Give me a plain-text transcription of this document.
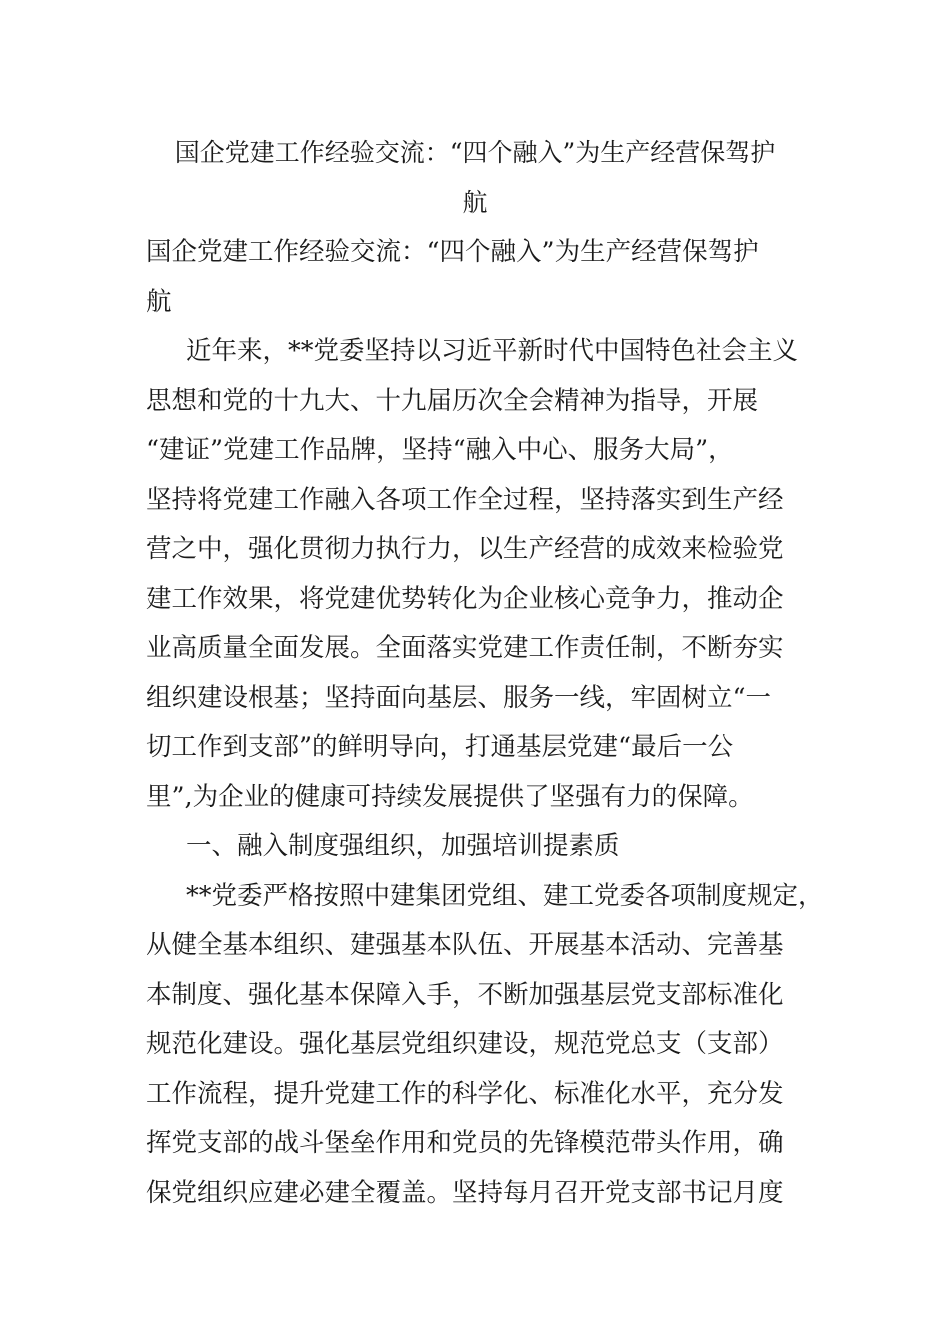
国企党建工作经验交流：“四个融入”为生产经营保驾护
航

国企党建工作经验交流：“四个融入”为生产经营保驾护
航

近年来，**党委坚持以习近平新时代中国特色社会主义
思想和党的十九大、十九届历次全会精神为指导，开展
“建证”党建工作品牌，坚持“融入中心、服务大局”，
坚持将党建工作融入各项工作全过程，坚持落实到生产经
营之中，强化贯彻力执行力，以生产经营的成效来检验党
建工作效果，将党建优势转化为企业核心竞争力，推动企
业高质量全面发展。全面落实党建工作责任制，不断夯实
组织建设根基；坚持面向基层、服务一线，牢固树立“一
切工作到支部”的鲜明导向，打通基层党建“最后一公
里”,为企业的健康可持续发展提供了坚强有力的保障。

一、融入制度强组织，加强培训提素质

**党委严格按照中建集团党组、建工党委各项制度规定，
从健全基本组织、建强基本队伍、开展基本活动、完善基
本制度、强化基本保障入手，不断加强基层党支部标准化
规范化建设。强化基层党组织建设，规范党总支（支部）
工作流程，提升党建工作的科学化、标准化水平，充分发
挥党支部的战斗堡垒作用和党员的先锋模范带头作用，确
保党组织应建必建全覆盖。坚持每月召开党支部书记月度
